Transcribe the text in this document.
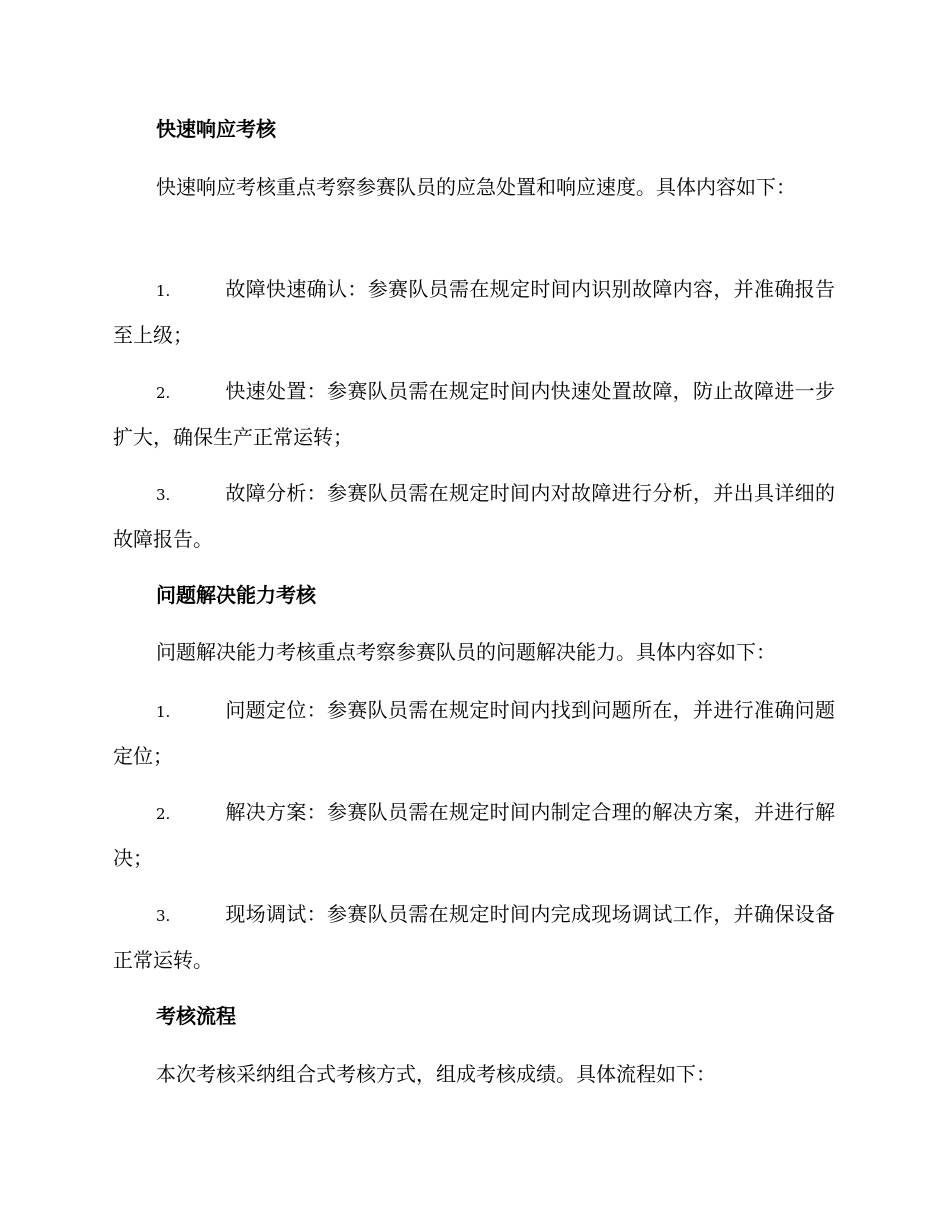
快速响应考核

快速响应考核重点考察参赛队员的应急处置和响应速度。具体内容如下：

1.	故障快速确认：参赛队员需在规定时间内识别故障内容，并准确报告至上级；

2.	快速处置：参赛队员需在规定时间内快速处置故障，防止故障进一步扩大，确保生产正常运转；

3.	故障分析：参赛队员需在规定时间内对故障进行分析，并出具详细的故障报告。

问题解决能力考核

问题解决能力考核重点考察参赛队员的问题解决能力。具体内容如下：

1.	问题定位：参赛队员需在规定时间内找到问题所在，并进行准确问题定位；

2.	解决方案：参赛队员需在规定时间内制定合理的解决方案，并进行解决；

3.	现场调试：参赛队员需在规定时间内完成现场调试工作，并确保设备正常运转。

考核流程

本次考核采纳组合式考核方式，组成考核成绩。具体流程如下：
